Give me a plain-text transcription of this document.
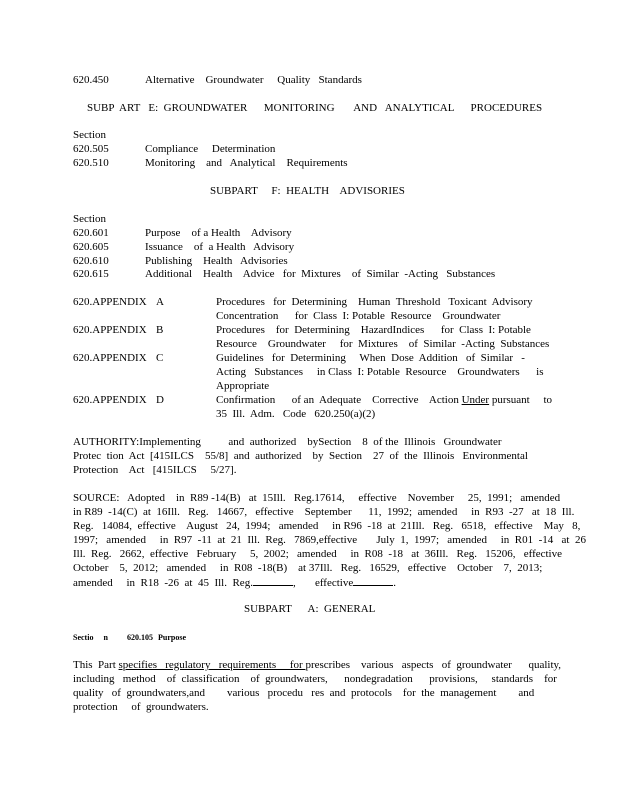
620.450	Alternative    Groundwater     Quality   Standards
SUBP  ART   E:  GROUNDWATER      MONITORING       AND   ANALYTICAL      PROCEDURES
Section
620.505	Compliance     Determination
620.510	Monitoring    and   Analytical    Requirements
SUBPART     F:  HEALTH    ADVISORIES
Section
620.601	Purpose    of a Health    Advisory
620.605	Issuance    of  a Health   Advisory
620.610	Publishing    Health   Advisories
620.615	Additional    Health    Advice   for  Mixtures    of  Similar  -Acting   Substances
620.APPENDIX A	Procedures   for  Determining    Human  Threshold   Toxicant  Advisory
Concentration      for  Class  I: Potable  Resource    Groundwater
620.APPENDIX B	Procedures    for  Determining    HazardIndices      for  Class  I: Potable
Resource    Groundwater     for  Mixtures    of  Similar  -Acting  Substances
620.APPENDIX C	Guidelines   for  Determining     When  Dose  Addition   of  Similar   -
Acting   Substances     in Class  I: Potable  Resource    Groundwaters      is
Appropriate
620.APPENDIX D	Confirmation      of an  Adequate    Corrective    Action Under pursuant     to
35  Ill.  Adm.   Code   620.250(a)(2)
AUTHORITY:Implementing          and  authorized    bySection    8  of the  Illinois   Groundwater
Protec  tion  Act  [415ILCS    55/8]  and  authorized    by  Section    27  of  the  Illinois   Environmental
Protection    Act   [415ILCS     5/27].
SOURCE:   Adopted    in  R89 -14(B)   at  15Ill.   Reg.17614,     effective    November     25,  1991;   amended
in R89  -14(C)  at  16Ill.   Reg.   14667,   effective    September      11,  1992;  amended     in  R93  -27   at  18  Ill.
Reg.   14084,  effective    August   24,  1994;   amended     in R96  -18  at  21Ill.   Reg.   6518,   effective    May   8,
1997;   amended     in  R97  -11  at  21  Ill.  Reg.   7869,effective       July  1,  1997;   amended     in  R01  -14   at  26
Ill.  Reg.   2662,  effective   February     5,  2002;   amended     in  R08  -18   at  36Ill.   Reg.   15206,   effective
October    5,  2012;   amended     in  R08  -18(B)    at 37Ill.   Reg.   16529,   effective    October    7,  2013;
amended     in  R18  -26  at  45  Ill.  Reg.	,       effective	.
SUBPART      A:  GENERAL
Sectio     n 620.105 Purpose
This  Part specifies   regulatory   requirements     for prescribes    various   aspects   of  groundwater      quality,
including   method    of  classification    of  groundwaters,      nondegradation      provisions,     standards    for
quality   of  groundwaters,and        various   procedu   res  and  protocols    for  the  management        and
protection     of  groundwaters.
